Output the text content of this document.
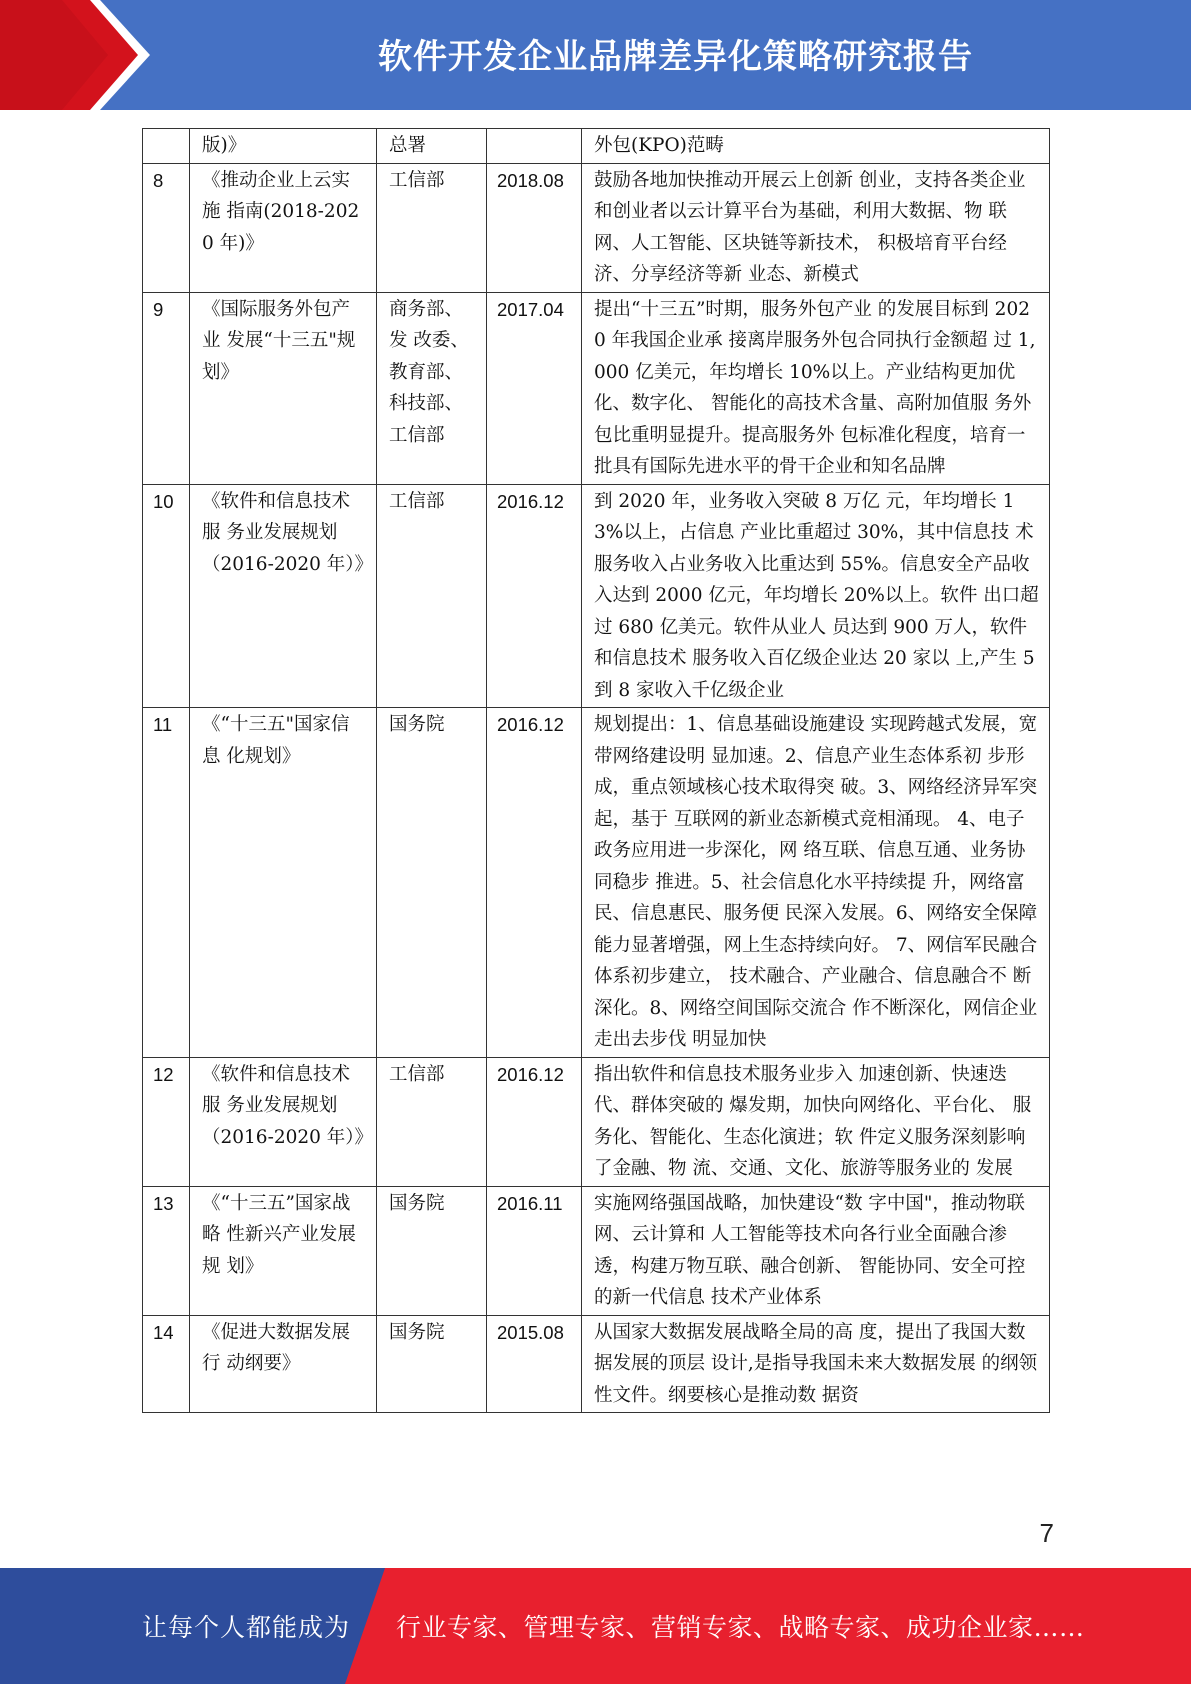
软件开发企业品牌差异化策略研究报告
	版)》	总署		外包(KPO)范畴
8	《推动企业上云实施 指南(2018-2020 年)》	工信部	2018.08	鼓励各地加快推动开展云上创新 创业，支持各类企业和创业者以云计算平台为基础，利用大数据、物 联网、人工智能、区块链等新技术， 积极培育平台经济、分享经济等新 业态、新模式
9	《国际服务外包产业 发展“十三五"规划》	商务部、发 改委、教育部、科技部、工信部	2017.04	提出“十三五”时期，服务外包产业 的发展目标到 2020 年我国企业承 接离岸服务外包合同执行金额超 过 1,000 亿美元，年均增长 10%以上。产业结构更加优化、数字化、 智能化的高技术含量、高附加值服 务外包比重明显提升。提高服务外 包标准化程度，培育一批具有国际先进水平的骨干企业和知名品牌
10	《软件和信息技术服 务业发展规划（2016-2020 年）》	工信部	2016.12	到 2020 年，业务收入突破 8 万亿 元，年均增长 13%以上，占信息 产业比重超过 30%，其中信息技 术服务收入占业务收入比重达到 55%。信息安全产品收入达到 2000 亿元，年均增长 20%以上。软件 出口超过 680 亿美元。软件从业人 员达到 900 万人，软件和信息技术 服务收入百亿级企业达 20 家以 上,产生 5 到 8 家收入千亿级企业
11	《“十三五"国家信息 化规划》	国务院	2016.12	规划提出：1、信息基础设施建设 实现跨越式发展，宽带网络建设明 显加速。2、信息产业生态体系初 步形成，重点领域核心技术取得突 破。3、网络经济异军突起，基于 互联网的新业态新模式竞相涌现。 4、电子政务应用进一步深化，网 络互联、信息互通、业务协同稳步 推进。5、社会信息化水平持续提 升，网络富民、信息惠民、服务便 民深入发展。6、网络安全保障能力显著增强，网上生态持续向好。 7、网信军民融合体系初步建立， 技术融合、产业融合、信息融合不 断深化。8、网络空间国际交流合 作不断深化，网信企业走出去步伐 明显加快
12	《软件和信息技术服 务业发展规划（2016-2020 年）》	工信部	2016.12	指出软件和信息技术服务业步入 加速创新、快速迭代、群体突破的 爆发期，加快向网络化、平台化、 服务化、智能化、生态化演进；软 件定义服务深刻影响了金融、物 流、交通、文化、旅游等服务业的 发展
13	《“十三五”国家战略 性新兴产业发展规 划》	国务院	2016.11	实施网络强国战略，加快建设“数 字中国"，推动物联网、云计算和 人工智能等技术向各行业全面融合渗透，构建万物互联、融合创新、 智能协同、安全可控的新一代信息 技术产业体系
14	《促进大数据发展行 动纲要》	国务院	2015.08	从国家大数据发展战略全局的高 度，提出了我国大数据发展的顶层 设计,是指导我国未来大数据发展 的纲领性文件。纲要核心是推动数 据资
7
让每个人都能成为 行业专家、管理专家、营销专家、战略专家、成功企业家……
